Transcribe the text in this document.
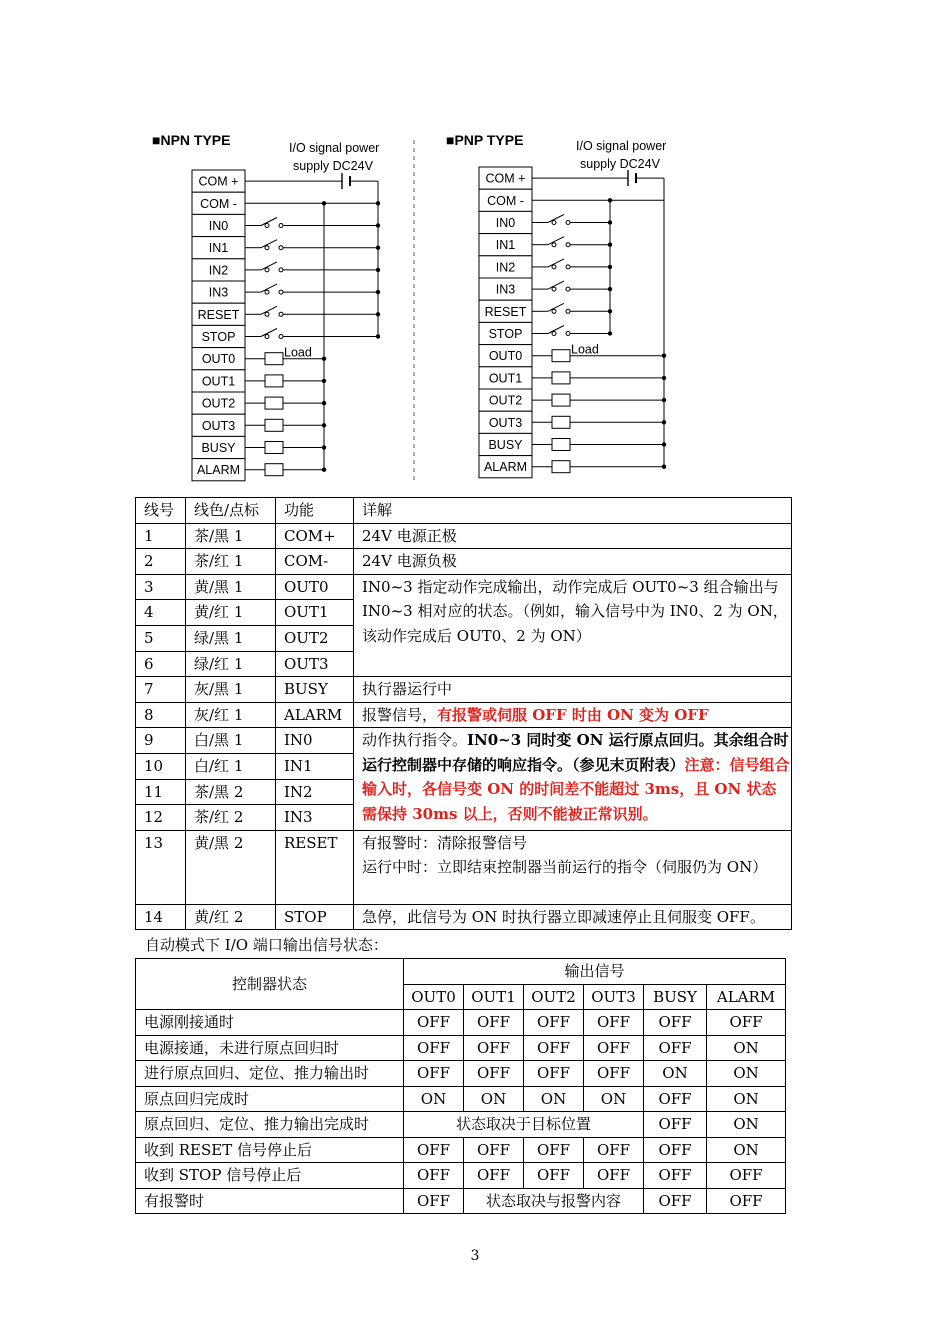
■NPN TYPE	I/O signal power
supply DC24V
COM +
COM -
IN0
IN1
IN2
IN3
RESET
STOP
OUT0
OUT1
OUT2
OUT3
BUSY
ALARM
Load
■PNP TYPE	I/O signal power
supply DC24V
COM +
COM -
IN0
IN1
IN2
IN3
RESET
STOP
OUT0
OUT1
OUT2
OUT3
BUSY
ALARM
Load
线号	线色/点标	功能	详解
1	茶/黑 1	COM+	24V 电源正极
2	茶/红 1	COM-	24V 电源负极
3	黄/黑 1	OUT0	IN0~3 指定动作完成输出，动作完成后 OUT0~3 组合输出与 IN0~3 相对应的状态。（例如，输入信号中为 IN0、2 为 ON，该动作完成后 OUT0、2 为 ON）
4	黄/红 1	OUT1	
5	绿/黑 1	OUT2	
6	绿/红 1	OUT3	
7	灰/黑 1	BUSY	执行器运行中
8	灰/红 1	ALARM	报警信号，有报警或伺服 OFF 时由 ON 变为 OFF
9	白/黑 1	IN0	动作执行指令。IN0~3 同时变 ON 运行原点回归。其余组合时运行控制器中存储的响应指令。（参见末页附表）注意：信号组合输入时，各信号变 ON 的时间差不能超过 3ms，且 ON 状态需保持 30ms 以上，否则不能被正常识别。
10	白/红 1	IN1	
11	茶/黑 2	IN2	
12	茶/红 2	IN3	
13	黄/黑 2	RESET	有报警时：清除报警信号
运行中时：立即结束控制器当前运行的指令（伺服仍为 ON）

14	黄/红 2	STOP	急停，此信号为 ON 时执行器立即减速停止且伺服变 OFF。
自动模式下 I/O 端口输出信号状态：
控制器状态	输出信号					
	OUT0	OUT1	OUT2	OUT3	BUSY	ALARM
电源刚接通时	OFF	OFF	OFF	OFF	OFF	OFF
电源接通，未进行原点回归时	OFF	OFF	OFF	OFF	OFF	ON
进行原点回归、定位、推力输出时	OFF	OFF	OFF	OFF	ON	ON
原点回归完成时	ON	ON	ON	ON	OFF	ON
原点回归、定位、推力输出完成时	状态取决于目标位置				OFF	ON
收到 RESET 信号停止后	OFF	OFF	OFF	OFF	OFF	ON
收到 STOP 信号停止后	OFF	OFF	OFF	OFF	OFF	OFF
有报警时	OFF	状态取决与报警内容			OFF	OFF
3
